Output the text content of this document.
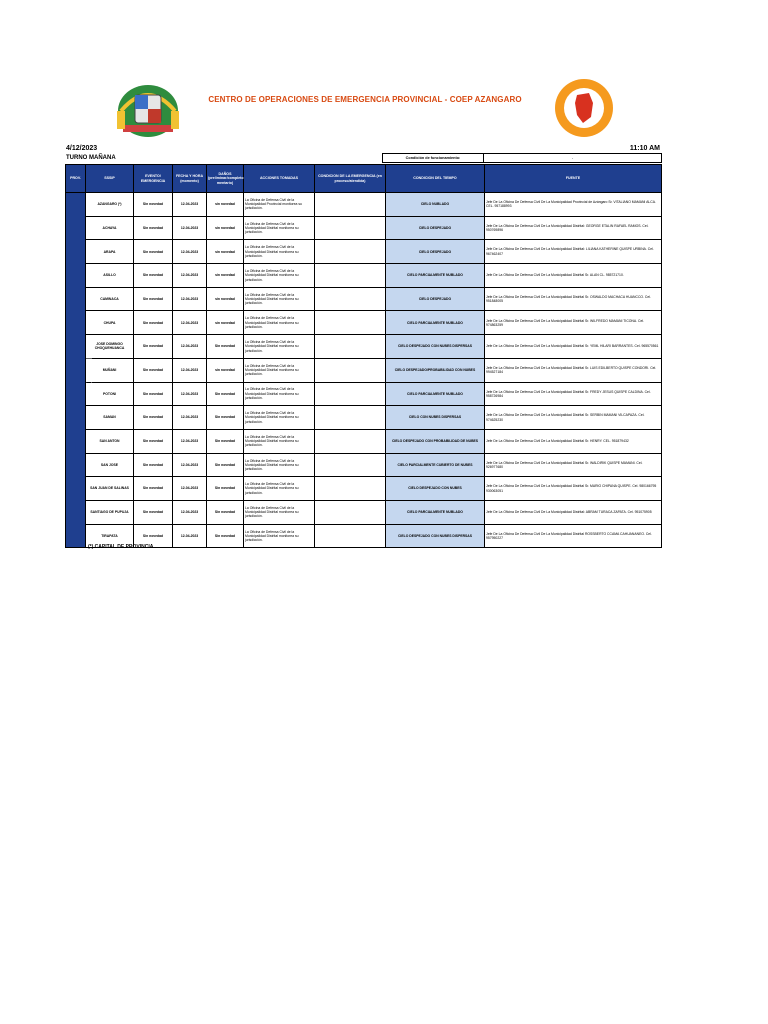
CENTRO DE OPERACIONES DE EMERGENCIA PROVINCIAL - COEP AZANGARO
4/12/2023	11:10 AM
TURNO MAÑANA	Condición de funcionamiento:	-
PROV.	SSSIP	EVENTO/ EMERGENCIA	FECHA Y HORA (momento)	DAÑOS (preliminar/completo mentario)	ACCIONES TOMADAS	CONDICION DE LA EMERGENCIA (en proceso/atendida)	CONDICION DEL TIEMPO	FUENTE
AZANGARO	AZANGARO (*)	Sin novedad	12-04-2023	sin novedad	La Oficina de Defensa Civil de la Municipalidad Provincial monitorea su jurisdicción.		CIELO NUBLADO	Jefe De La Oficina De Defensa Civil De La Municipalidad Provincial de Azángaro Sr. VITALIANO MAMANI ALCA. CEL. 957188993
	ACHAYA	Sin novedad	12-04-2023	sin novedad	La Oficina de Defensa Civil de la Municipalidad Distrital monitorea su jurisdicción.		CIELO DESPEJADO	Jefe De La Oficina De Defensa Civil De La Municipalidad Distrital: GEORGE ETALIN RAFAEL RAMOS. Cel. 950769896
	ARAPA	Sin novedad	12-04-2023	sin novedad	La Oficina de Defensa Civil de la Municipalidad Distrital monitorea su jurisdicción.		CIELO DESPEJADO	Jefe De La Oficina De Defensa Civil De La Municipalidad Distrital: LILIANA KATHERINE QUISPE URBINA. Cel. 967462407
	ASILLO	Sin novedad	12-04-2023	sin novedad	La Oficina de Defensa Civil de la Municipalidad Distrital monitorea su jurisdicción.		CIELO PARCIALMENTE NUBLADO	Jefe De La Oficina De Defensa Civil De La Municipalidad Distrital Sr. ALAN CL. 985721710.
	CAMINACA	Sin novedad	12-04-2023	sin novedad	La Oficina de Defensa Civil de la Municipalidad Distrital monitorea su jurisdicción.		CIELO DESPEJADO	Jefe De La Oficina De Defensa Civil De La Municipalidad Distrital Sr. OSWALDO MACHACA HUANCCO. Cel. 951848005
	CHUPA	Sin novedad	12-04-2023	sin novedad	La Oficina de Defensa Civil de la Municipalidad Distrital monitorea su jurisdicción.		CIELO PARCIALMENTE NUBLADO	Jefe De La Oficina De Defensa Civil De La Municipalidad Distrital Sr. WILFREDO MAMANI TICONA. Cel. 974863259
	JOSE DOMINGO CHOQUEHUANCA	Sin novedad	12-04-2023	Sin novedad	La Oficina de Defensa Civil de la Municipalidad Distrital monitorea su jurisdicción.		CIELO DESPEJADO CON NUBES DISPERSAS	Jefe De La Oficina De Defensa Civil De La Municipalidad Distrital Sr. YEML HILARI BARRANTES. Cel. 965570561
	MUÑANI	Sin novedad	12-04-2023	sin novedad	La Oficina de Defensa Civil de la Municipalidad Distrital monitorea su jurisdicción.		CIELO DESPEJADO/PROBABILIDAD CON NUBES	Jefe De La Oficina De Defensa Civil De La Municipalidad Distrital Sr. LUIS EDILBERTO QUISPE CONDORI. Cel. 994527184
	POTONI	Sin novedad	12-04-2023	Sin novedad	La Oficina de Defensa Civil de la Municipalidad Distrital monitorea su jurisdicción.		CIELO PARCIALMENTE NUBLADO	Jefe De La Oficina De Defensa Civil De La Municipalidad Distrital Sr. FREDY JESUS QUISPE CALDINA. Cel. 958726984
	SAMAN	Sin novedad	12-04-2023	Sin novedad	La Oficina de Defensa Civil de la Municipalidad Distrital monitorea su jurisdicción.		CIELO CON NUBES DISPERSAS	Jefe De La Oficina De Defensa Civil De La Municipalidad Distrital Sr. SERBIN MAMANI VILCAPAZA. Cel. 974625230
	SAN ANTON	Sin novedad	12-04-2023	Sin novedad	La Oficina de Defensa Civil de la Municipalidad Distrital monitorea su jurisdicción.		CIELO DESPEJADO CON PROBABILIDAD DE NUBES	Jefe De La Oficina De Defensa Civil De La Municipalidad Distrital Sr. HENRY. CEL. 951879432
	SAN JOSE	Sin novedad	12-04-2023	Sin novedad	La Oficina de Defensa Civil de la Municipalidad Distrital monitorea su jurisdicción.		CIELO PARCIALMENTE CUBIERTO DE NUBES	Jefe De La Oficina De Defensa Civil De La Municipalidad Distrital Sr. WALDIRIK QUISPE MAMANI. Cel. 926977680
	SAN JUAN DE SALINAS	Sin novedad	12-04-2023	Sin novedad	La Oficina de Defensa Civil de la Municipalidad Distrital monitorea su jurisdicción.		CIELO DESPEJADO CON NUBES	Jefe De La Oficina De Defensa Civil De La Municipalidad Distrital Sr. MARIO CHIPANA QUISPE. Cel. 980166795 930063051
	SANTIAGO DE PUPUJA	Sin novedad	12-04-2023	Sin novedad	La Oficina de Defensa Civil de la Municipalidad Distrital monitorea su jurisdicción.		CIELO PARCIALMENTE NUBLADO	Jefe De La Oficina De Defensa Civil De La Municipalidad Distrital: ABRAM TURACA ZAPATA. Cel. 951075905
	TIRAPATA	Sin novedad	12-04-2023	Sin novedad	La Oficina de Defensa Civil de la Municipalidad Distrital monitorea su jurisdicción.		CIELO DESPEJADO CON NUBES DISPERSAS	Jefe De La Oficina De Defensa Civil De La Municipalidad Distrital ROSSBERTO CCAMA CAHUANANEO. Cel. 957950227
(*) CAPITAL DE PROVINCIA
